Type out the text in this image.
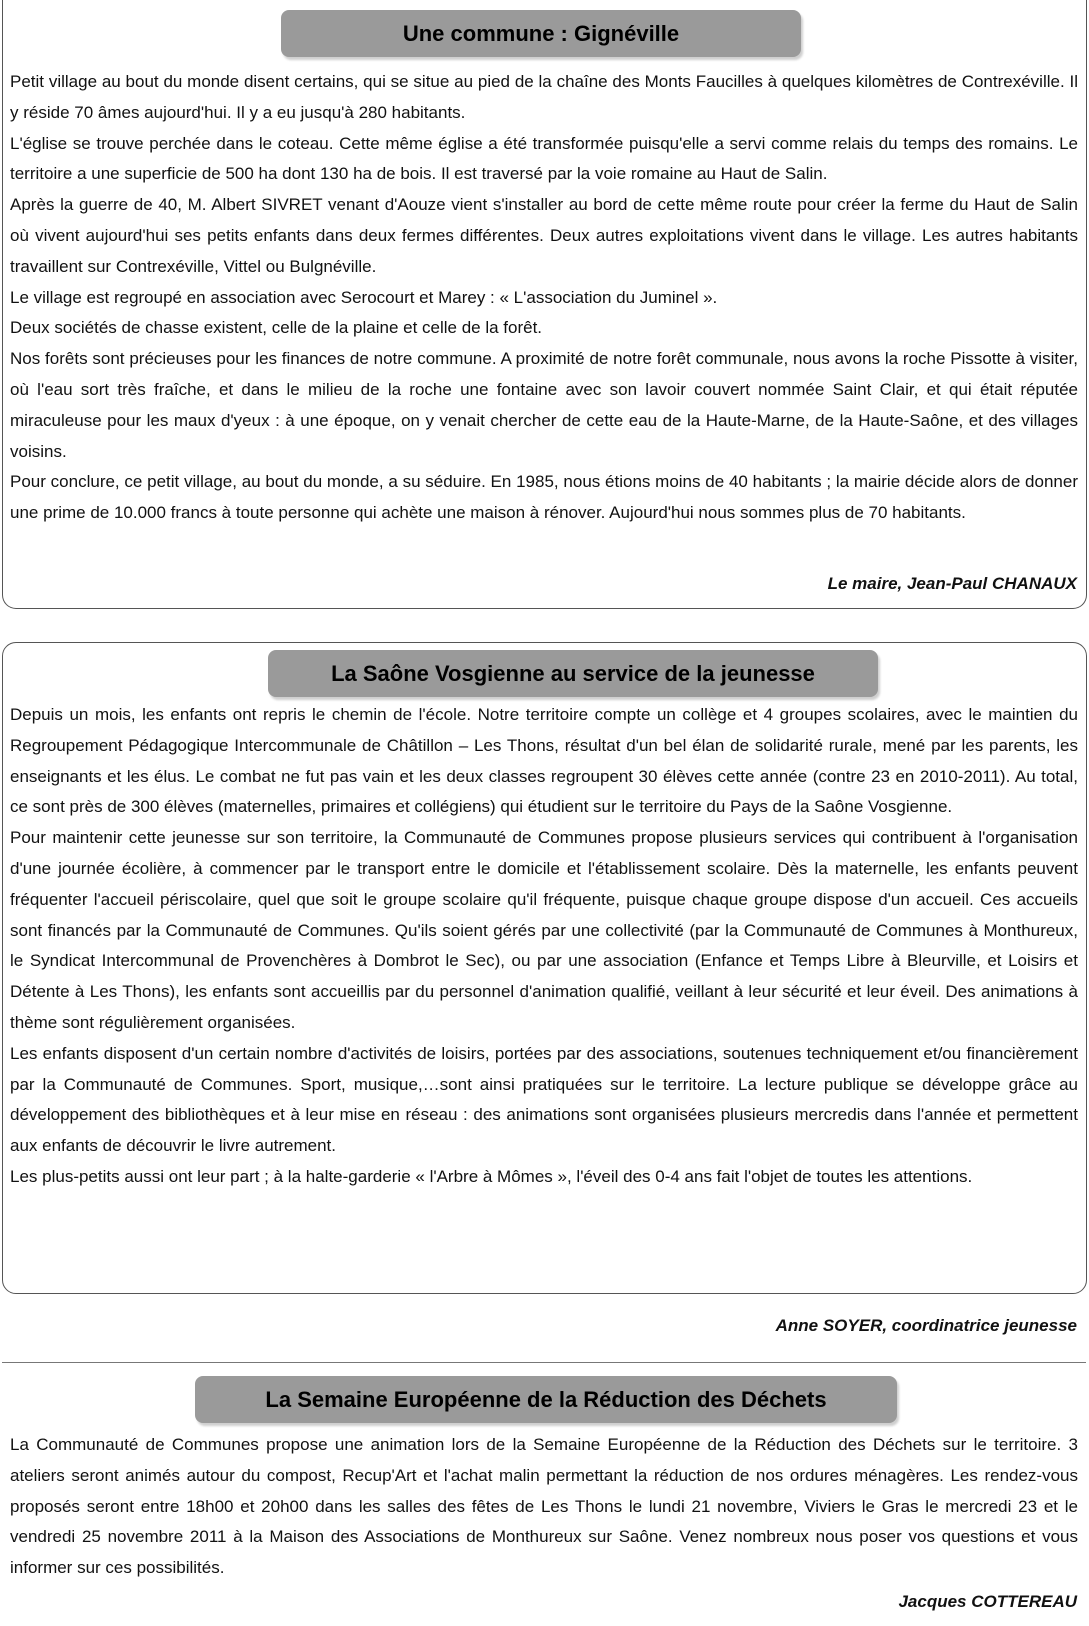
Une commune : Gignéville

Petit village au bout du monde disent certains, qui se situe au pied de la chaîne des Monts Faucilles à quelques kilomètres de Contrexéville. Il y réside 70 âmes aujourd'hui. Il y a eu jusqu'à 280 habitants.

L'église se trouve perchée dans le coteau. Cette même église a été transformée puisqu'elle a servi comme relais du temps des romains. Le territoire a une superficie de 500 ha dont 130 ha de bois. Il est traversé par la voie romaine au Haut de Salin.

Après la guerre de 40, M. Albert SIVRET venant d'Aouze vient s'installer au bord de cette même route pour créer la ferme du Haut de Salin où vivent aujourd'hui ses petits enfants dans deux fermes différentes. Deux autres exploitations vivent dans le village. Les autres habitants travaillent sur Contrexéville, Vittel ou Bulgnéville.

Le village est regroupé en association avec Serocourt et Marey : « L'association du Juminel ».

Deux sociétés de chasse existent, celle de la plaine et celle de la forêt.

Nos forêts sont précieuses pour les finances de notre commune. A proximité de notre forêt communale, nous avons la roche Pissotte à visiter, où l'eau sort très fraîche, et dans le milieu de la roche une fontaine avec son lavoir couvert nommée Saint Clair, et qui était réputée miraculeuse pour les maux d'yeux : à une époque, on y venait chercher de cette eau de la Haute-Marne, de la Haute-Saône, et des villages voisins.

Pour conclure, ce petit village, au bout du monde, a su séduire. En 1985, nous étions moins de 40 habitants ; la mairie décide alors de donner une prime de 10.000 francs à toute personne qui achète une maison à rénover. Aujourd'hui nous sommes plus de 70 habitants.

Le maire, Jean-Paul CHANAUX
La Saône Vosgienne au service de la jeunesse

Depuis un mois, les enfants ont repris le chemin de l'école. Notre territoire compte un collège et 4 groupes scolaires, avec le maintien du Regroupement Pédagogique Intercommunale de Châtillon – Les Thons, résultat d'un bel élan de solidarité rurale, mené par les parents, les enseignants et les élus. Le combat ne fut pas vain et les deux classes regroupent 30 élèves cette année (contre 23 en 2010-2011). Au total, ce sont près de 300 élèves (maternelles, primaires et collégiens) qui étudient sur le territoire du Pays de la Saône Vosgienne.

Pour maintenir cette jeunesse sur son territoire, la Communauté de Communes propose plusieurs services qui contribuent à l'organisation d'une journée écolière, à commencer par le transport entre le domicile et l'établissement scolaire. Dès la maternelle, les enfants peuvent fréquenter l'accueil périscolaire, quel que soit le groupe scolaire qu'il fréquente, puisque chaque groupe dispose d'un accueil. Ces accueils sont financés par la Communauté de Communes. Qu'ils soient gérés par une collectivité (par la Communauté de Communes à Monthureux, le Syndicat Intercommunal de Provenchères à Dombrot le Sec), ou par une association (Enfance et Temps Libre à Bleurville, et Loisirs et Détente à Les Thons), les enfants sont accueillis par du personnel d'animation qualifié, veillant à leur sécurité et leur éveil. Des animations à thème sont régulièrement organisées.

Les enfants disposent d'un certain nombre d'activités de loisirs, portées par des associations, soutenues techniquement et/ou financièrement par la Communauté de Communes. Sport, musique,…sont ainsi pratiquées sur le territoire. La lecture publique se développe grâce au développement des bibliothèques et à leur mise en réseau : des animations sont organisées plusieurs mercredis dans l'année et permettent aux enfants de découvrir le livre autrement.

Les plus-petits aussi ont leur part ; à la halte-garderie « l'Arbre à Mômes », l'éveil des 0-4 ans fait l'objet de toutes les attentions.

Anne SOYER, coordinatrice jeunesse
La Semaine Européenne de la Réduction des Déchets

La Communauté de Communes propose une animation lors de la Semaine Européenne de la Réduction des Déchets sur le territoire. 3 ateliers seront animés autour du compost, Recup'Art et l'achat malin permettant la réduction de nos ordures ménagères. Les rendez-vous proposés seront entre 18h00 et 20h00 dans les salles des fêtes de Les Thons le lundi 21 novembre, Viviers le Gras le mercredi 23 et le vendredi 25 novembre 2011 à la Maison des Associations de Monthureux sur Saône. Venez nombreux nous poser vos questions et vous informer sur ces possibilités.

Jacques COTTEREAU
